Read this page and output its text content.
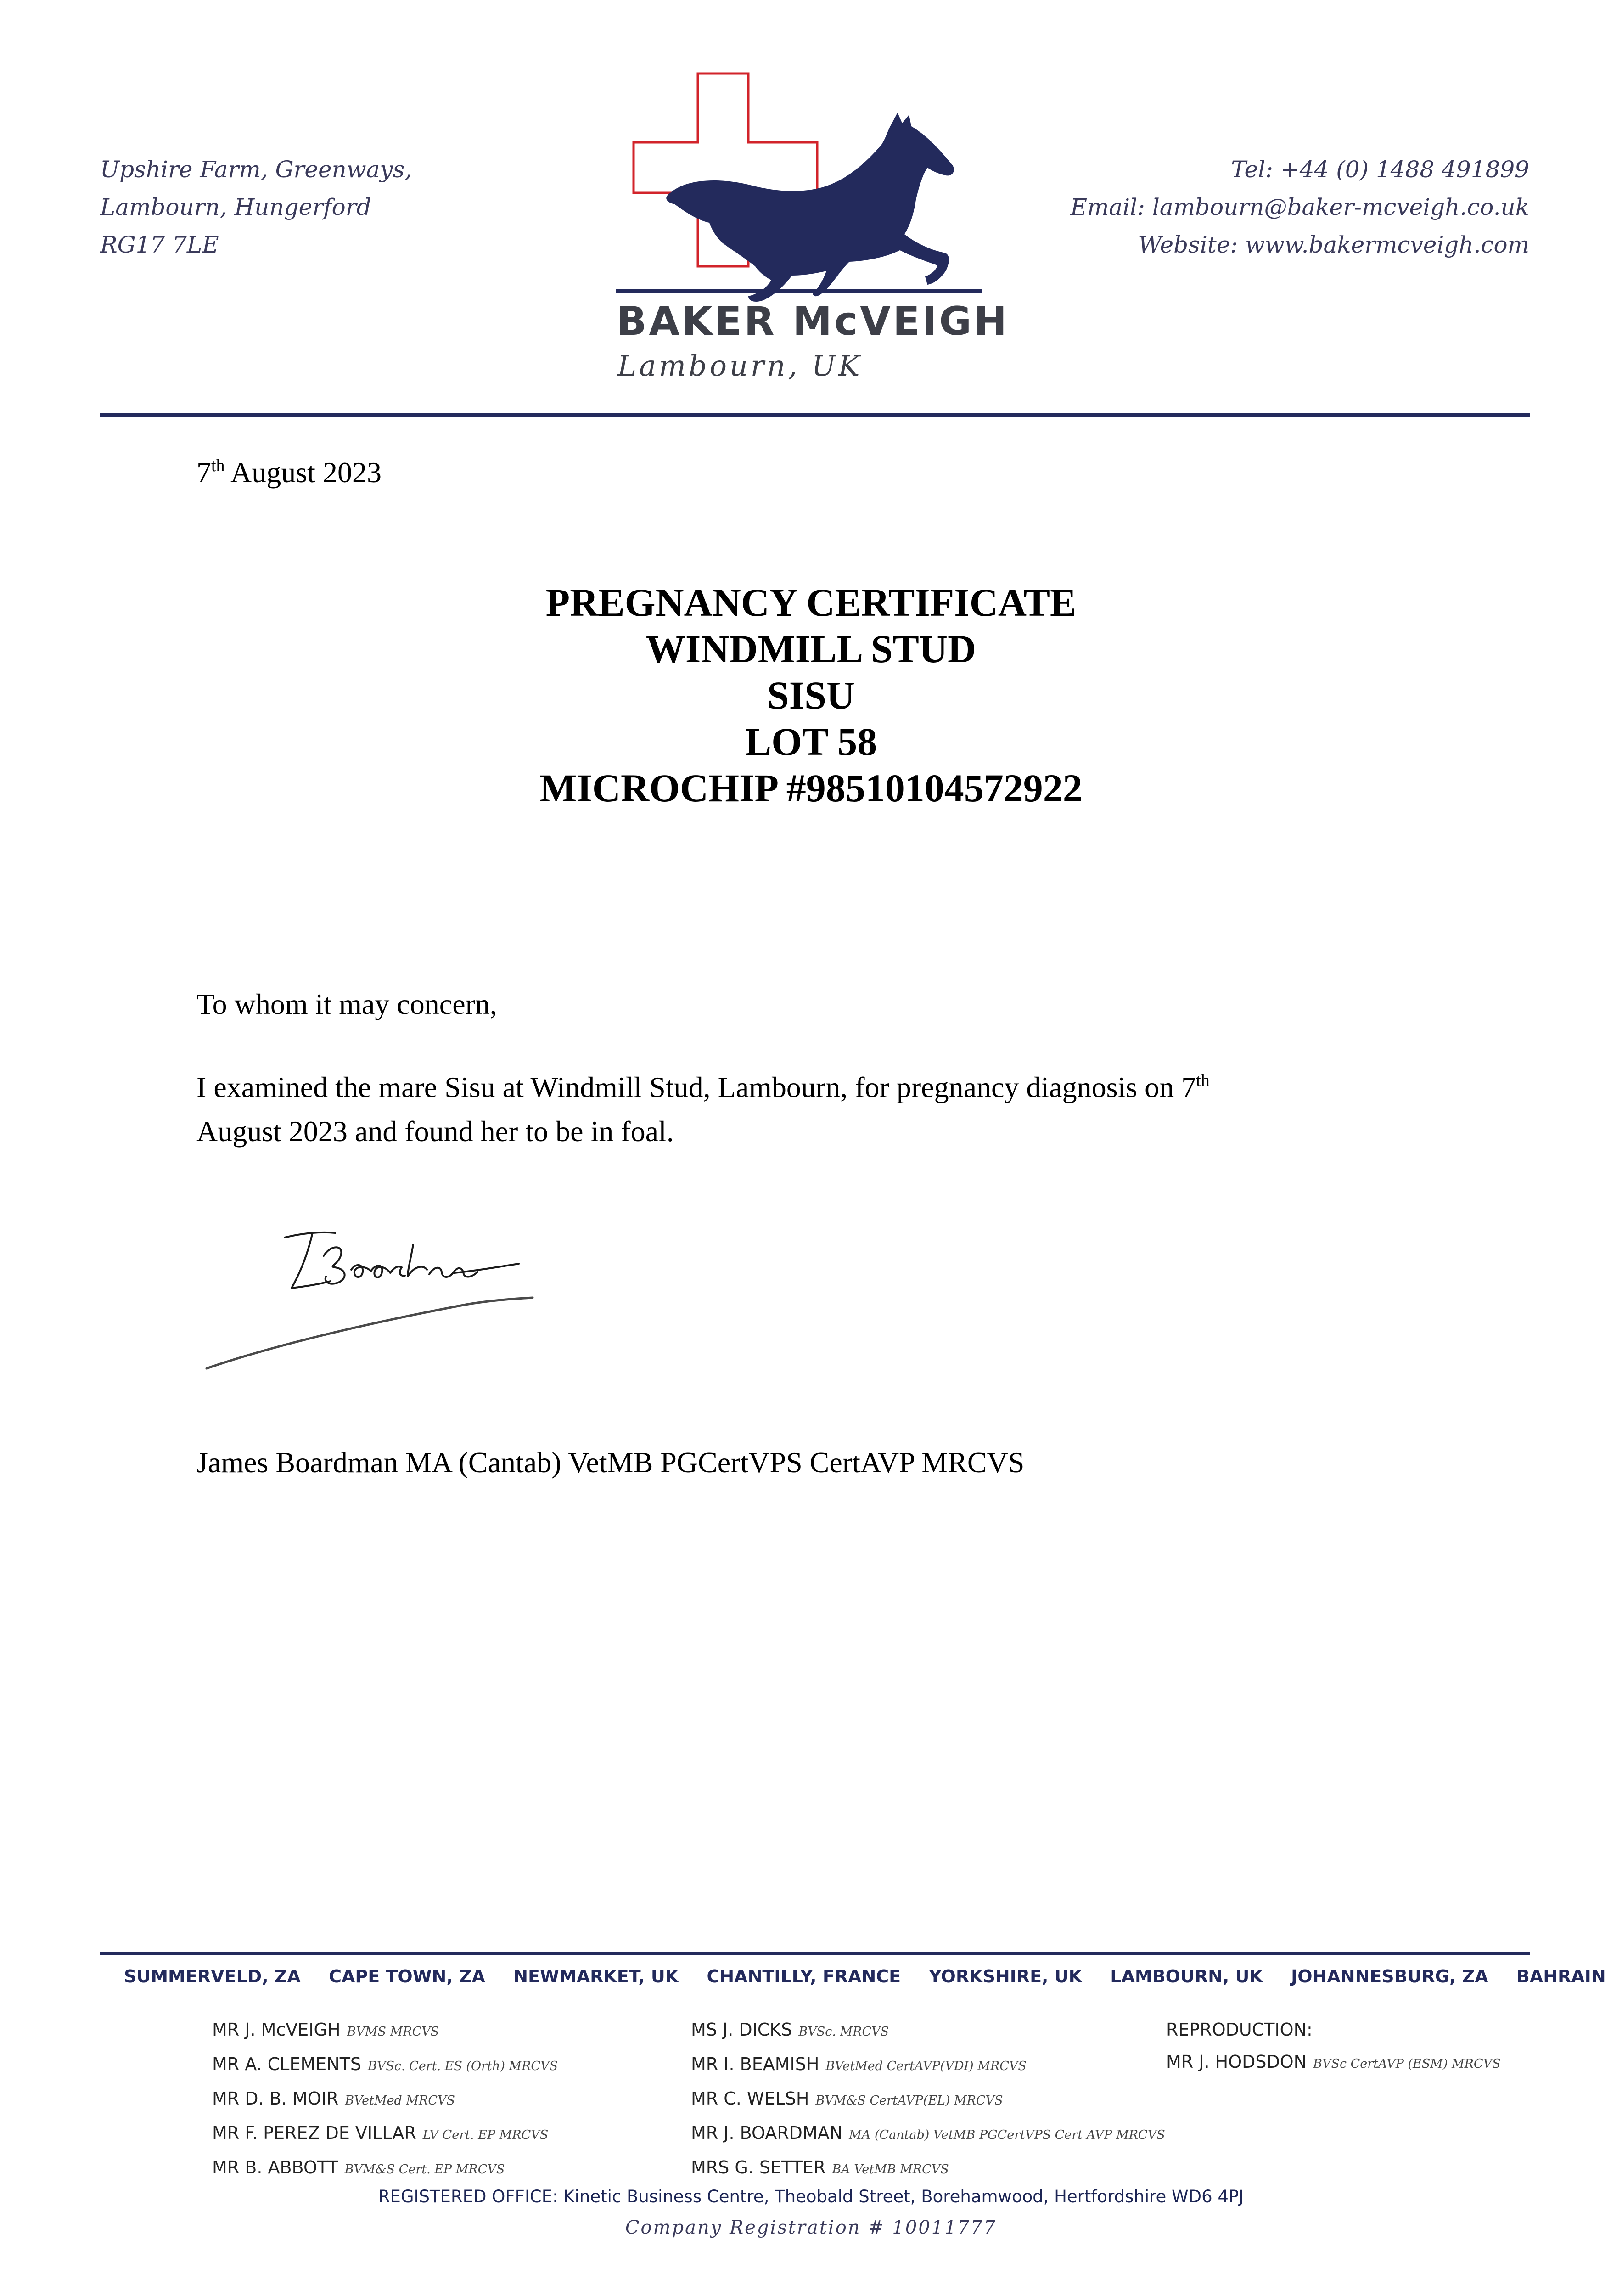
Upshire Farm, Greenways,
Lambourn, Hungerford
RG17 7LE
Tel: +44 (0) 1488 491899
Email: lambourn@baker-mcveigh.co.uk
Website: www.bakermcveigh.com
BAKER McVEIGH
Lambourn, UK
7th August 2023
PREGNANCY CERTIFICATE
WINDMILL STUD
SISU
LOT 58
MICROCHIP #98510104572922
To whom it may concern,
I examined the mare Sisu at Windmill Stud, Lambourn, for pregnancy diagnosis on 7th
August 2023 and found her to be in foal.
James Boardman MA (Cantab) VetMB PGCertVPS CertAVP MRCVS
SUMMERVELD, ZA CAPE TOWN, ZA NEWMARKET, UK CHANTILLY, FRANCE YORKSHIRE, UK LAMBOURN, UK JOHANNESBURG, ZA BAHRAIN
MR J. McVEIGH BVMS MRCVS
MR A. CLEMENTS BVSc. Cert. ES (Orth) MRCVS
MR D. B. MOIR BVetMed MRCVS
MR F. PEREZ DE VILLAR LV Cert. EP MRCVS
MR B. ABBOTT BVM&S Cert. EP MRCVS
MS J. DICKS BVSc. MRCVS
MR I. BEAMISH BVetMed CertAVP(VDI) MRCVS
MR C. WELSH BVM&S CertAVP(EL) MRCVS
MR J. BOARDMAN MA (Cantab) VetMB PGCertVPS Cert AVP MRCVS
MRS G. SETTER BA VetMB MRCVS
REPRODUCTION:
MR J. HODSDON BVSc CertAVP (ESM) MRCVS
REGISTERED OFFICE: Kinetic Business Centre, Theobald Street, Borehamwood, Hertfordshire WD6 4PJ
Company Registration # 10011777
